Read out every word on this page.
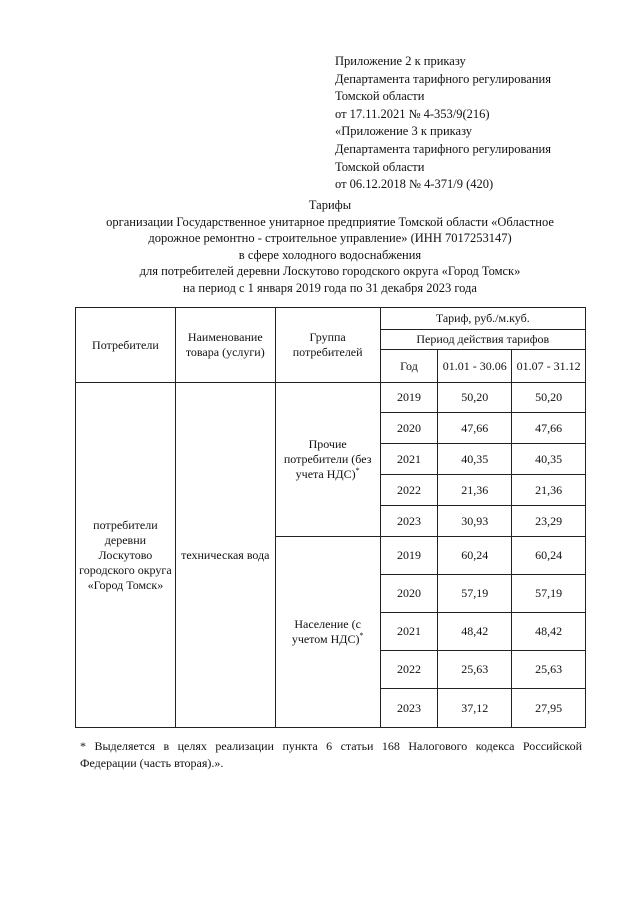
Приложение 2 к приказу
Департамента тарифного регулирования
Томской области
от 17.11.2021 № 4-353/9(216)
«Приложение 3 к приказу
Департамента тарифного регулирования
Томской области
от 06.12.2018 № 4-371/9 (420)
Тарифы
организации Государственное унитарное предприятие Томской области «Областное
дорожное ремонтно - строительное управление» (ИНН 7017253147)
в сфере холодного водоснабжения
для потребителей деревни Лоскутово городского округа «Город Томск»
на период с 1 января 2019 года по 31 декабря 2023 года
Потребители	Наименование товара (услуги)	Группа потребителей	Тариф, руб./м.куб.		
			Период действия тарифов		
			Год	01.01 - 30.06	01.07 - 31.12
потребители деревни Лоскутово городского округа «Город Томск»	техническая вода	Прочие потребители (без учета НДС)*	2019	50,20	50,20
			2020	47,66	47,66
			2021	40,35	40,35
			2022	21,36	21,36
			2023	30,93	23,29
		Население (с учетом НДС)*	2019	60,24	60,24
			2020	57,19	57,19
			2021	48,42	48,42
			2022	25,63	25,63
			2023	37,12	27,95
* Выделяется в целях реализации пункта 6 статьи 168 Налогового кодекса Российской
Федерации (часть вторая).».
